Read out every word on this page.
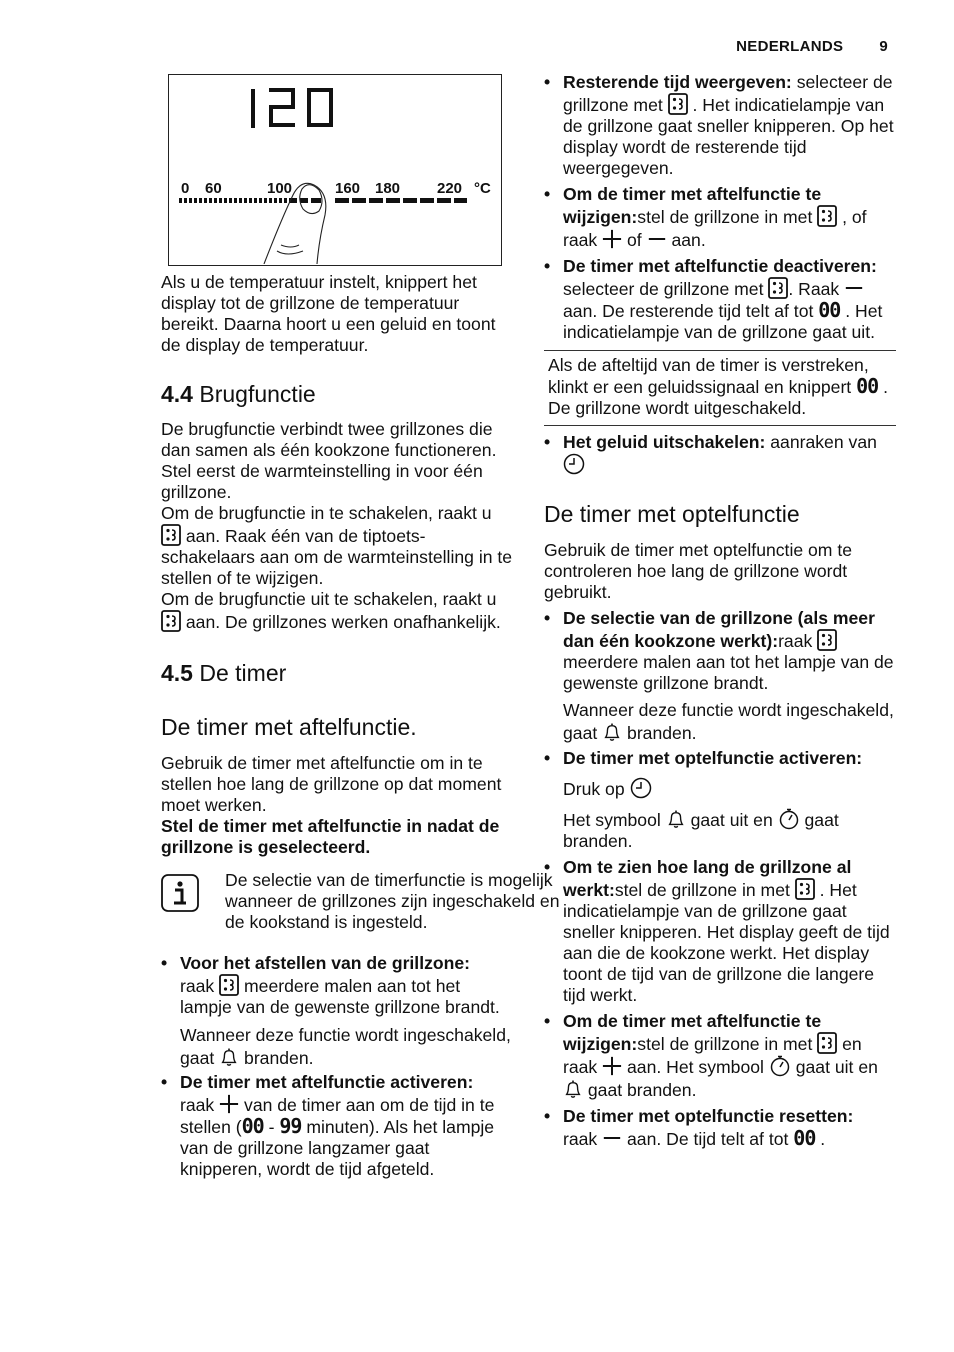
NEDERLANDS 9
120
0 60	100	160 180 220 °C

Als u de temperatuur instelt, knippert het display tot de grillzone de temperatuur bereikt. Daarna hoort u een geluid en toont de display de temperatuur.

4.4 Brugfunctie

De brugfunctie verbindt twee grillzones die dan samen als één kookzone functioneren.

Stel eerst de warmteinstelling in voor één grillzone.

Om de brugfunctie in te schakelen, raakt u  aan. Raak één van de tiptoets-schakelaars aan om de warmteinstelling in te stellen of te wijzigen.

Om de brugfunctie uit te schakelen, raakt u  aan. De grillzones werken onafhankelijk.

4.5 De timer

De timer met aftelfunctie.

Gebruik de timer met aftelfunctie om in te stellen hoe lang de grillzone op dat moment moet werken.

Stel de timer met aftelfunctie in nadat de grillzone is geselecteerd.

De selectie van de timerfunctie is mogelijk wanneer de grillzones zijn ingeschakeld en de kookstand is ingesteld.

• Voor het afstellen van de grillzone:

raak meerdere malen aan tot het lampje van de gewenste grillzone brandt.

Wanneer deze functie wordt ingeschakeld, gaat branden.

• De timer met aftelfunctie activeren:

raak van de timer aan om de tijd in te stellen (00 - 99 minuten). Als het lampje van de grillzone langzamer gaat knipperen, wordt de tijd afgeteld.

• Resterende tijd weergeven: selecteer de grillzone met . Het indicatielampje van de grillzone gaat sneller knipperen. Op het display wordt de resterende tijd weergegeven.

• Om de timer met aftelfunctie te wijzigen:stel de grillzone in met , of raak of aan.

• De timer met aftelfunctie deactiveren: selecteer de grillzone met . Raak  aan. De resterende tijd telt af tot 00 . Het indicatielampje van de grillzone gaat uit.

Als de afteltijd van de timer is verstreken, klinkt er een geluidssignaal en knippert 00 . De grillzone wordt uitgeschakeld.

• Het geluid uitschakelen: aanraken van

De timer met optelfunctie

Gebruik de timer met optelfunctie om te controleren hoe lang de grillzone wordt gebruikt.

• De selectie van de grillzone (als meer dan één kookzone werkt):raak  meerdere malen aan tot het lampje van de gewenste grillzone brandt.

Wanneer deze functie wordt ingeschakeld, gaat branden.

• De timer met optelfunctie activeren:

Druk op

Het symbool gaat uit en gaat branden.

• Om te zien hoe lang de grillzone al werkt:stel de grillzone in met . Het indicatielampje van de grillzone gaat sneller knipperen. Het display geeft de tijd aan die de kookzone werkt. Het display toont de tijd van de grillzone die langere tijd werkt.

• Om de timer met aftelfunctie te wijzigen:stel de grillzone in met en raak aan. Het symbool gaat uit en  gaat branden.

• De timer met optelfunctie resetten:

raak aan. De tijd telt af tot 00 .
